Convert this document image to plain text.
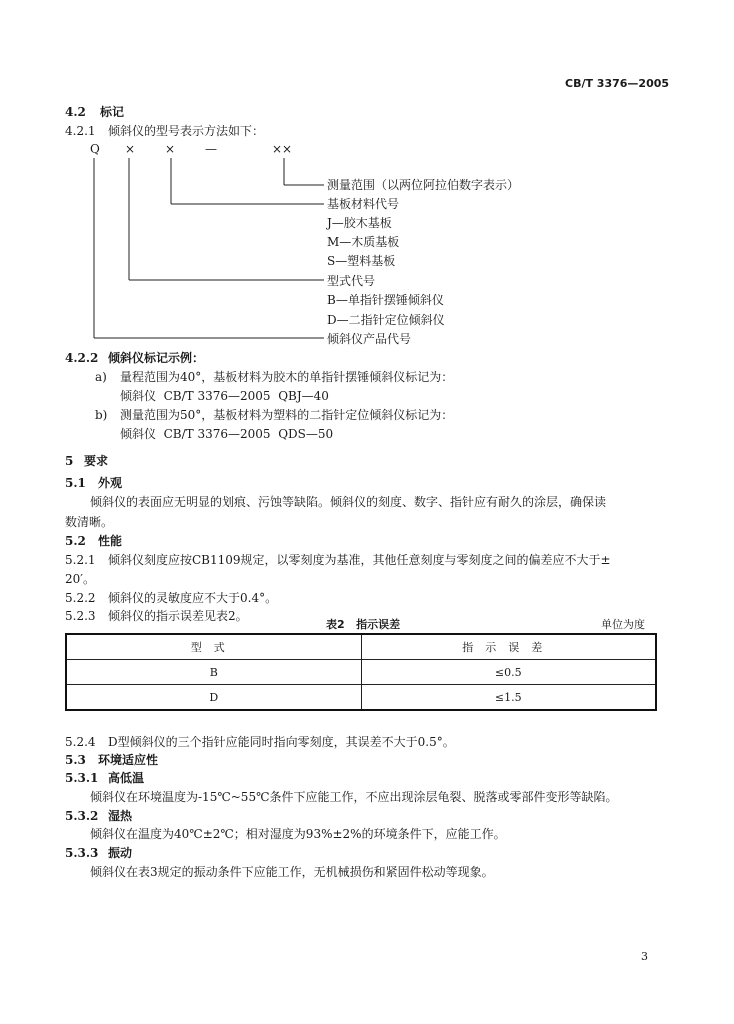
CB/T 3376—2005
4.2 标记
4.2.1 倾斜仪的型号表示方法如下：
Q × × —	××
测量范围（以两位阿拉伯数字表示）
基板材料代号
J—胶木基板
M—木质基板
S—塑料基板
型式代号
B—单指针摆锤倾斜仪
D—二指针定位倾斜仪
倾斜仪产品代号
4.2.2 倾斜仪标记示例：
a) 量程范围为40°，基板材料为胶木的单指针摆锤倾斜仪标记为：
倾斜仪  CB/T 3376—2005  QBJ—40
b) 测量范围为50°，基板材料为塑料的二指针定位倾斜仪标记为：
倾斜仪  CB/T 3376—2005  QDS—50
5 要求
5.1 外观
倾斜仪的表面应无明显的划痕、污蚀等缺陷。倾斜仪的刻度、数字、指针应有耐久的涂层，确保读
数清晰。
5.2 性能
5.2.1 倾斜仪刻度应按CB1109规定，以零刻度为基准，其他任意刻度与零刻度之间的偏差应不大于±
20′。
5.2.2 倾斜仪的灵敏度应不大于0.4°。
5.2.3 倾斜仪的指示误差见表2。
表2   指示误差	单位为度
型式	指示误差
B	≤0.5
D	≤1.5
5.2.4 D型倾斜仪的三个指针应能同时指向零刻度，其误差不大于0.5°。
5.3 环境适应性
5.3.1 高低温
倾斜仪在环境温度为-15℃~55℃条件下应能工作，不应出现涂层龟裂、脱落或零部件变形等缺陷。
5.3.2 湿热
倾斜仪在温度为40℃±2℃；相对湿度为93%±2%的环境条件下，应能工作。
5.3.3 振动
倾斜仪在表3规定的振动条件下应能工作，无机械损伤和紧固件松动等现象。
3
